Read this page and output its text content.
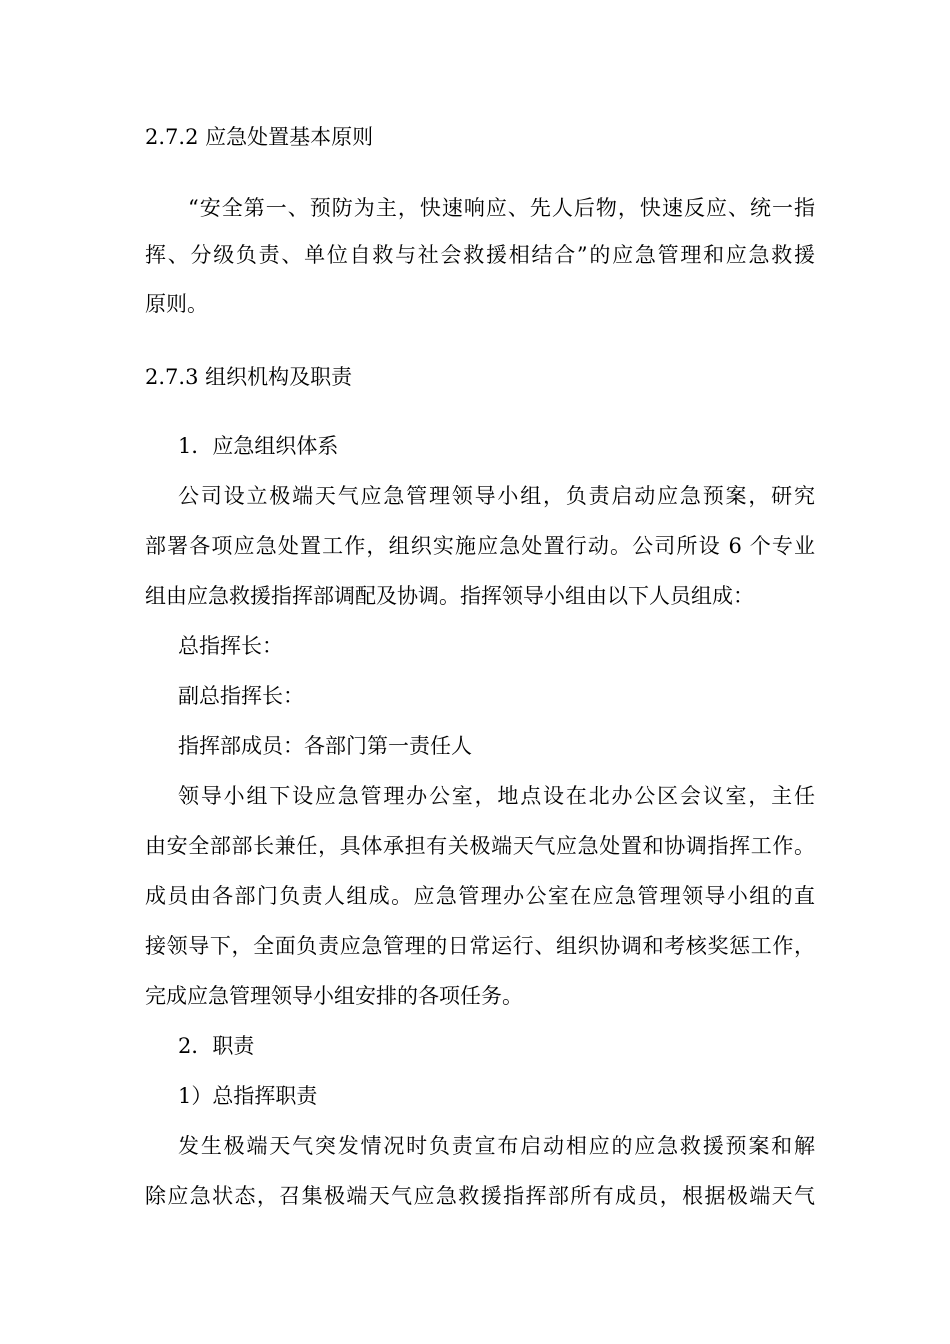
2.7.2 应急处置基本原则
“安全第一、预防为主，快速响应、先人后物，快速反应、统一指
挥、分级负责、单位自救与社会救援相结合”的应急管理和应急救援
原则。
2.7.3 组织机构及职责
1．应急组织体系
公司设立极端天气应急管理领导小组，负责启动应急预案，研究
部署各项应急处置工作，组织实施应急处置行动。公司所设 6 个专业
组由应急救援指挥部调配及协调。指挥领导小组由以下人员组成：
总指挥长：
副总指挥长：
指挥部成员：各部门第一责任人
领导小组下设应急管理办公室，地点设在北办公区会议室，主任
由安全部部长兼任，具体承担有关极端天气应急处置和协调指挥工作。
成员由各部门负责人组成。应急管理办公室在应急管理领导小组的直
接领导下，全面负责应急管理的日常运行、组织协调和考核奖惩工作，
完成应急管理领导小组安排的各项任务。
2．职责
1）总指挥职责
发生极端天气突发情况时负责宣布启动相应的应急救援预案和解
除应急状态，召集极端天气应急救援指挥部所有成员，根据极端天气
